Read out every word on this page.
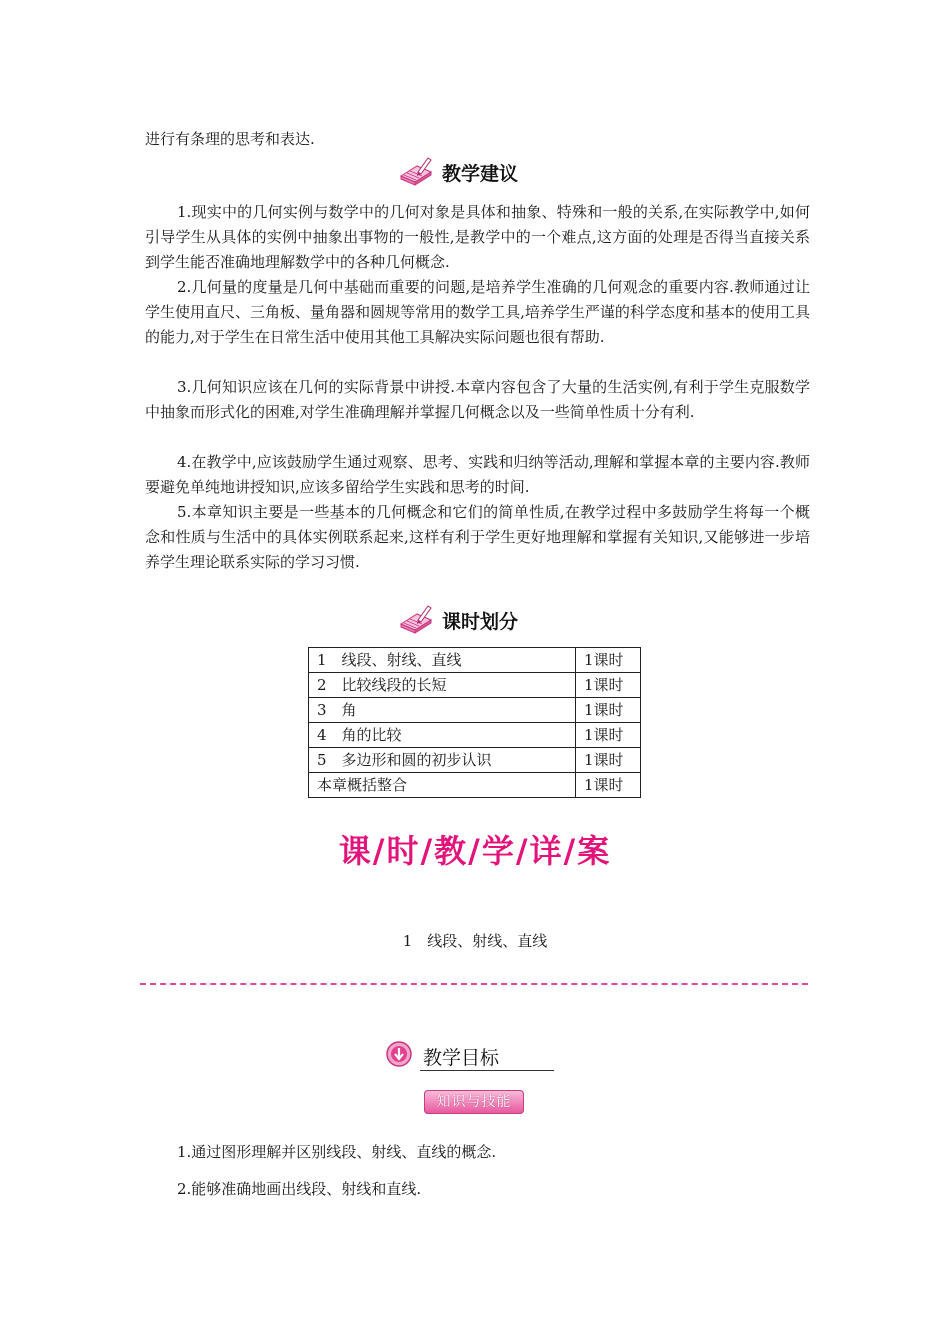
进行有条理的思考和表达.
教学建议
1.现实中的几何实例与数学中的几何对象是具体和抽象、特殊和一般的关系,在实际教学中,如何引导学生从具体的实例中抽象出事物的一般性,是教学中的一个难点,这方面的处理是否得当直接关系到学生能否准确地理解数学中的各种几何概念.
2.几何量的度量是几何中基础而重要的问题,是培养学生准确的几何观念的重要内容.教师通过让学生使用直尺、三角板、量角器和圆规等常用的数学工具,培养学生严谨的科学态度和基本的使用工具的能力,对于学生在日常生活中使用其他工具解决实际问题也很有帮助.
3.几何知识应该在几何的实际背景中讲授.本章内容包含了大量的生活实例,有利于学生克服数学中抽象而形式化的困难,对学生准确理解并掌握几何概念以及一些简单性质十分有利.
4.在教学中,应该鼓励学生通过观察、思考、实践和归纳等活动,理解和掌握本章的主要内容.教师要避免单纯地讲授知识,应该多留给学生实践和思考的时间.
5.本章知识主要是一些基本的几何概念和它们的简单性质,在教学过程中多鼓励学生将每一个概念和性质与生活中的具体实例联系起来,这样有利于学生更好地理解和掌握有关知识,又能够进一步培养学生理论联系实际的学习习惯.
课时划分
1　线段、射线、直线	1课时
2　比较线段的长短	1课时
3　角	1课时
4　角的比较	1课时
5　多边形和圆的初步认识	1课时
本章概括整合	1课时
课/时/教/学/详/案
1　线段、射线、直线
教学目标
知识与技能
1.通过图形理解并区别线段、射线、直线的概念.
2.能够准确地画出线段、射线和直线.
